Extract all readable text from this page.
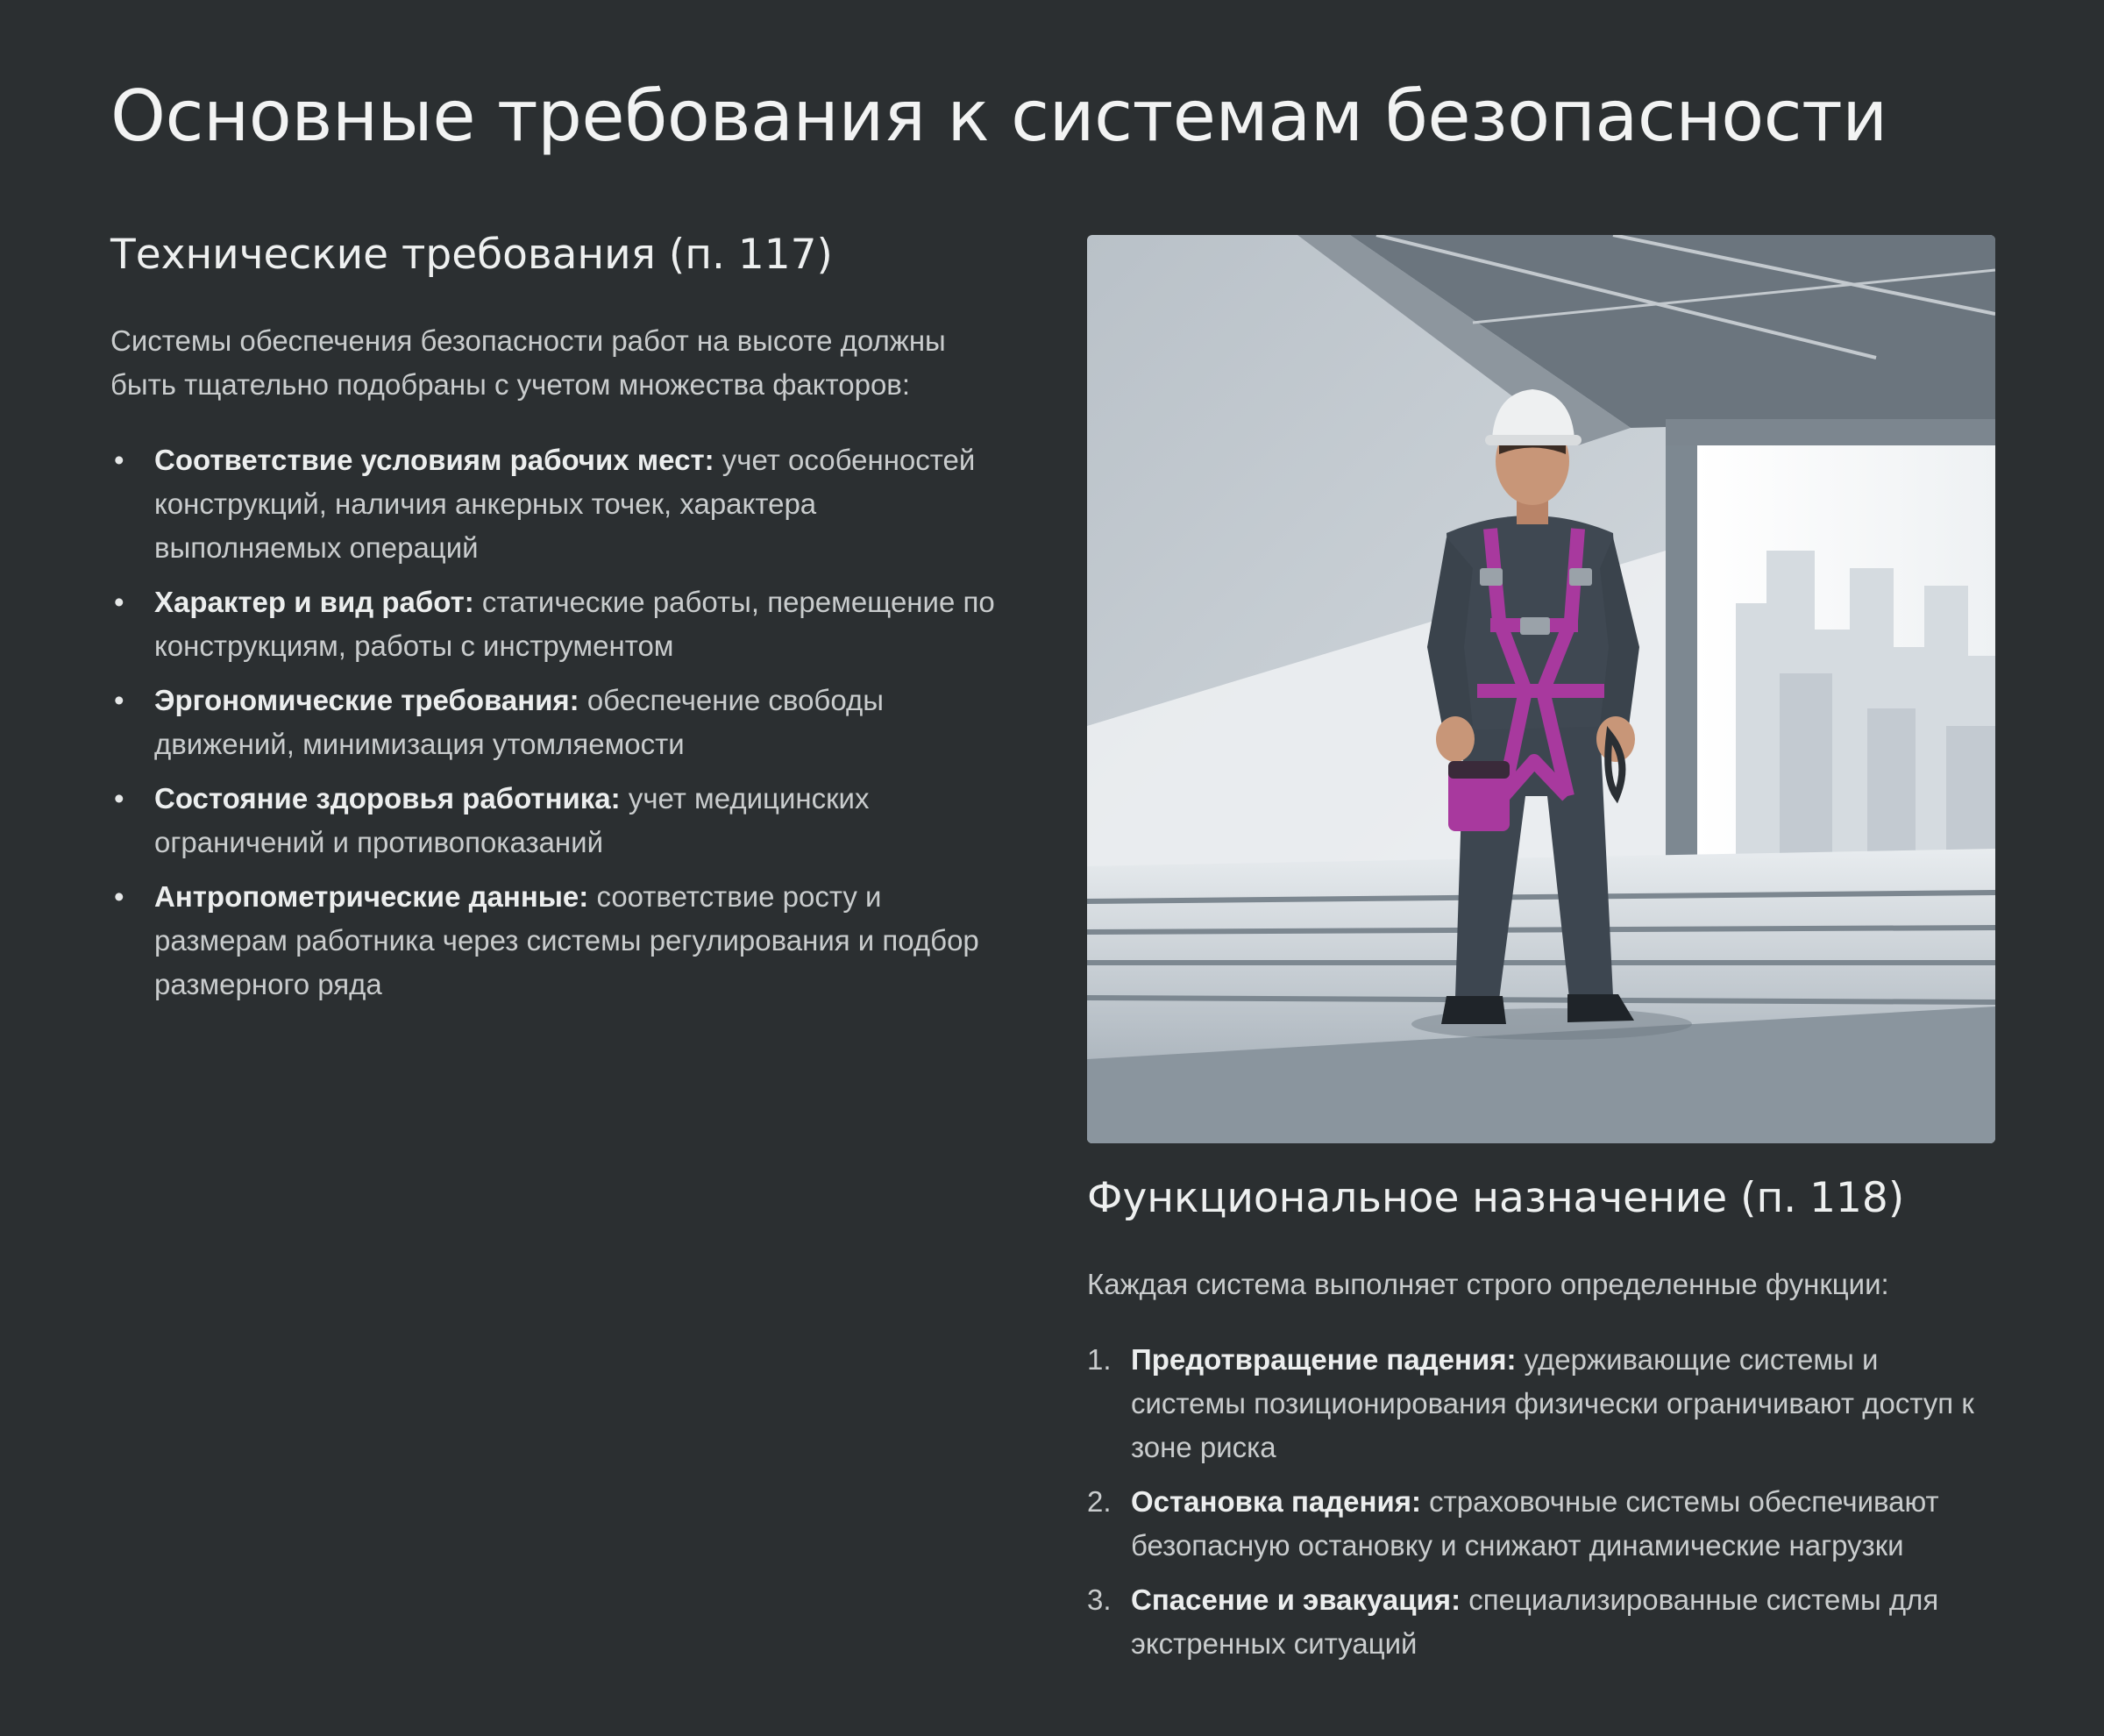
Основные требования к системам безопасности
Технические требования (п. 117)

Системы обеспечения безопасности работ на высоте должны быть тщательно подобраны с учетом множества факторов:

• Соответствие условиям рабочих мест: учет особенностей конструкций, наличия анкерных точек, характера выполняемых операций
• Характер и вид работ: статические работы, перемещение по конструкциям, работы с инструментом
• Эргономические требования: обеспечение свободы движений, минимизация утомляемости
• Состояние здоровья работника: учет медицинских ограничений и противопоказаний
• Антропометрические данные: соответствие росту и размерам работника через системы регулирования и подбор размерного ряда
Функциональное назначение (п. 118)

Каждая система выполняет строго определенные функции:

1. Предотвращение падения: удерживающие системы и системы позиционирования физически ограничивают доступ к зоне риска
2. Остановка падения: страховочные системы обеспечивают безопасную остановку и снижают динамические нагрузки
3. Спасение и эвакуация: специализированные системы для экстренных ситуаций
